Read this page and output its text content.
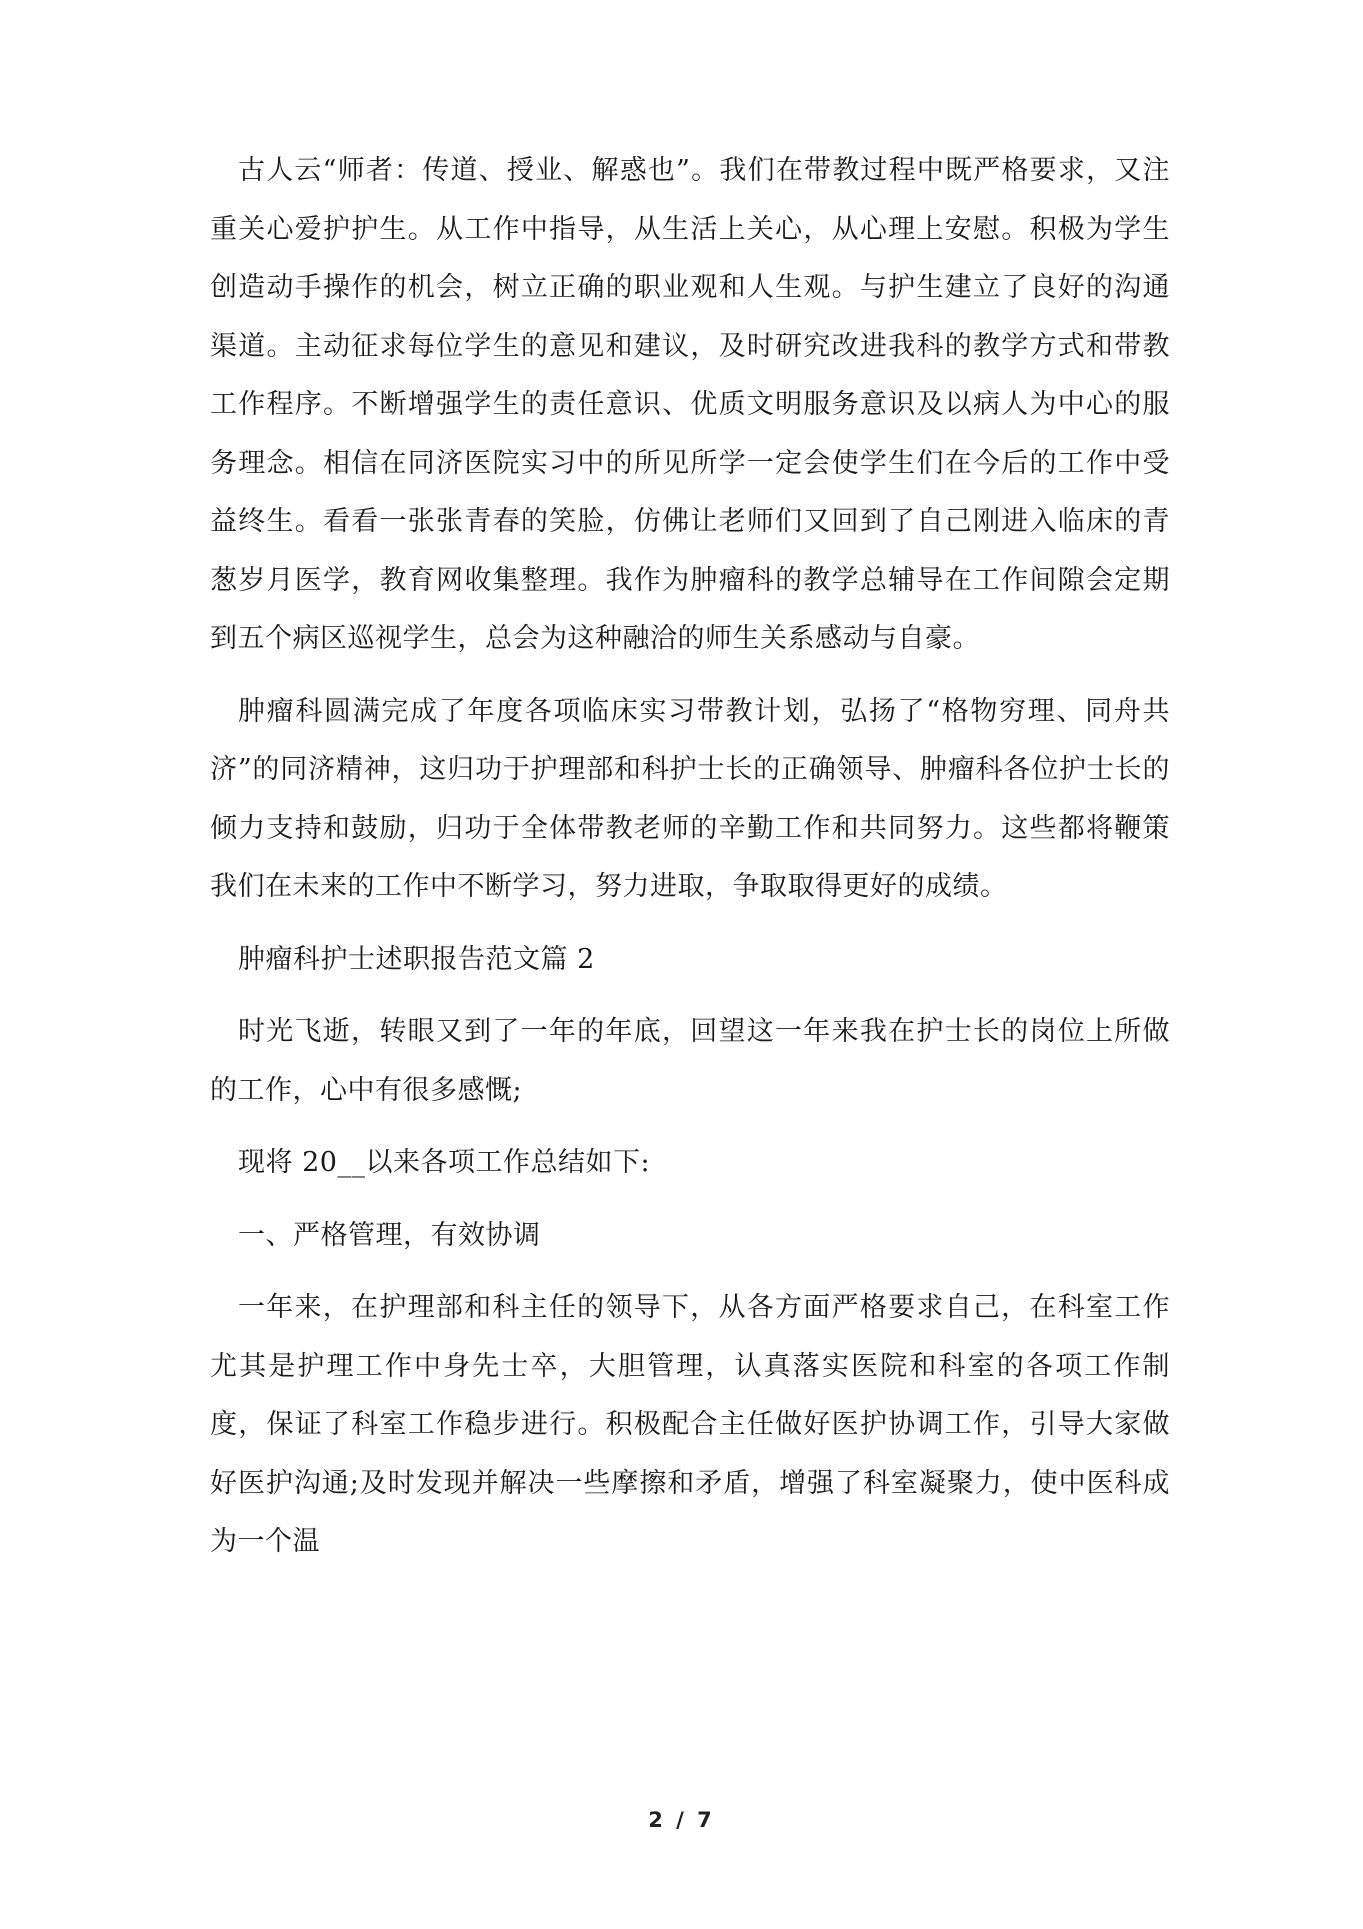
古人云“师者：传道、授业、解惑也”。我们在带教过程中既严格要求，又注重关心爱护护生。从工作中指导，从生活上关心，从心理上安慰。积极为学生创造动手操作的机会，树立正确的职业观和人生观。与护生建立了良好的沟通渠道。主动征求每位学生的意见和建议，及时研究改进我科的教学方式和带教工作程序。不断增强学生的责任意识、优质文明服务意识及以病人为中心的服务理念。相信在同济医院实习中的所见所学一定会使学生们在今后的工作中受益终生。看看一张张青春的笑脸，仿佛让老师们又回到了自己刚进入临床的青葱岁月医学，教育网收集整理。我作为肿瘤科的教学总辅导在工作间隙会定期到五个病区巡视学生，总会为这种融洽的师生关系感动与自豪。

肿瘤科圆满完成了年度各项临床实习带教计划，弘扬了“格物穷理、同舟共济”的同济精神，这归功于护理部和科护士长的正确领导、肿瘤科各位护士长的倾力支持和鼓励，归功于全体带教老师的辛勤工作和共同努力。这些都将鞭策我们在未来的工作中不断学习，努力进取，争取取得更好的成绩。

肿瘤科护士述职报告范文篇 2

时光飞逝，转眼又到了一年的年底，回望这一年来我在护士长的岗位上所做的工作，心中有很多感慨;

现将 20__以来各项工作总结如下:

一、严格管理，有效协调

一年来，在护理部和科主任的领导下，从各方面严格要求自己，在科室工作尤其是护理工作中身先士卒，大胆管理，认真落实医院和科室的各项工作制度，保证了科室工作稳步进行。积极配合主任做好医护协调工作，引导大家做好医护沟通;及时发现并解决一些摩擦和矛盾，增强了科室凝聚力，使中医科成为一个温

2 / 7
